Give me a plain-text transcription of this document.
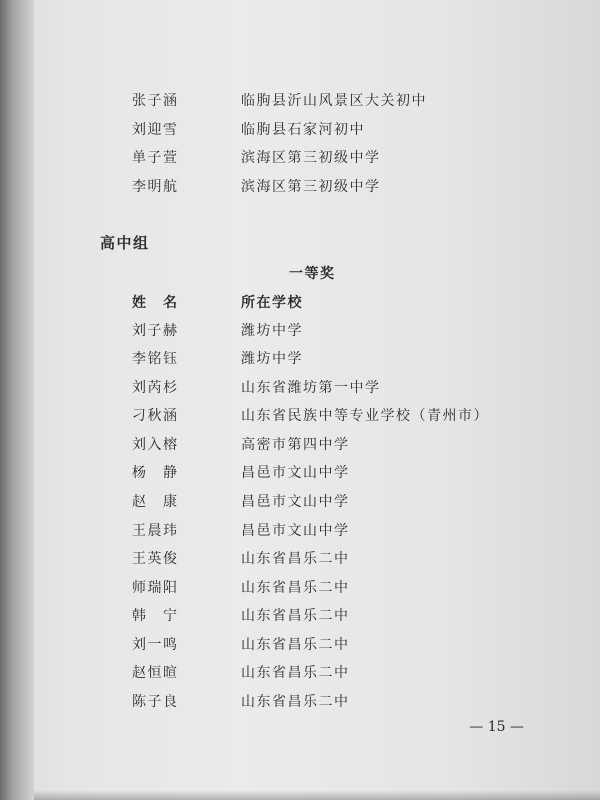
张子涵	临朐县沂山风景区大关初中
刘迎雪	临朐县石家河初中
单子萱	滨海区第三初级中学
李明航	滨海区第三初级中学
高中组
一等奖
姓　名	所在学校
刘子赫	潍坊中学
李铭钰	潍坊中学
刘芮杉	山东省潍坊第一中学
刁秋涵	山东省民族中等专业学校（青州市）
刘入榕	高密市第四中学
杨　静	昌邑市文山中学
赵　康	昌邑市文山中学
王晨玮	昌邑市文山中学
王英俊	山东省昌乐二中
师瑞阳	山东省昌乐二中
韩　宁	山东省昌乐二中
刘一鸣	山东省昌乐二中
赵恒暄	山东省昌乐二中
陈子良	山东省昌乐二中
— 15 —
